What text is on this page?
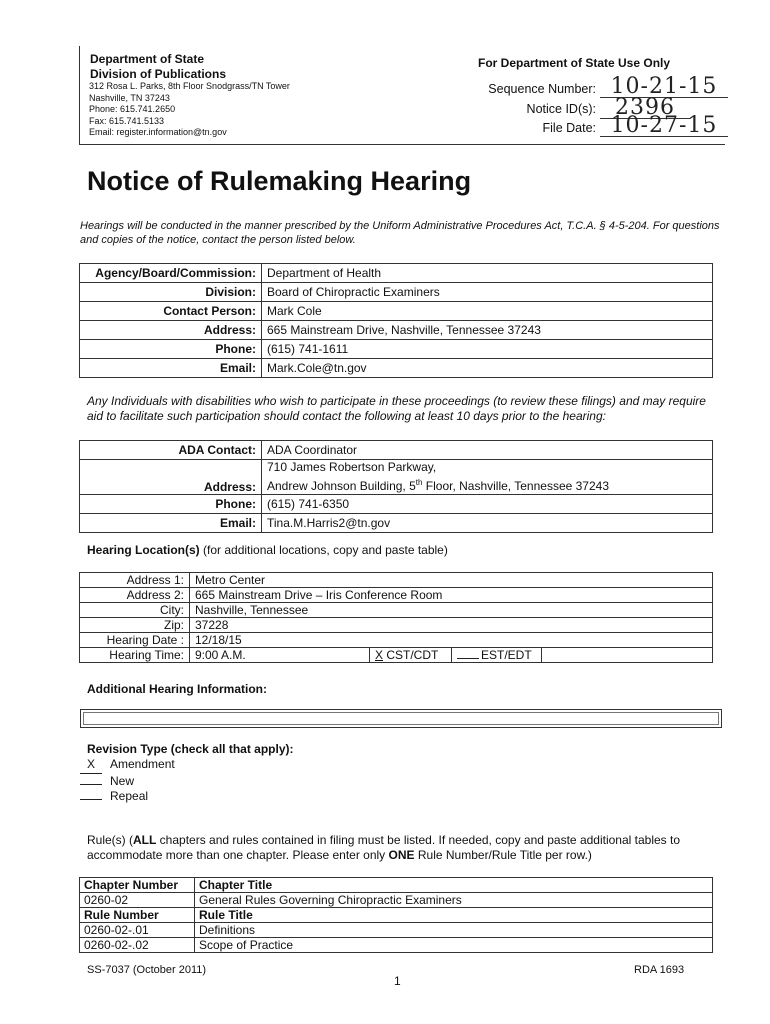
Department of State
Division of Publications
312 Rosa L. Parks, 8th Floor Snodgrass/TN Tower
Nashville, TN 37243
Phone: 615.741.2650
Fax: 615.741.5133
Email: register.information@tn.gov
For Department of State Use Only
Sequence Number: 10-21-15
Notice ID(s): 2396
File Date: 10-27-15
Notice of Rulemaking Hearing
Hearings will be conducted in the manner prescribed by the Uniform Administrative Procedures Act, T.C.A. § 4-5-204. For questions and copies of the notice, contact the person listed below.
Agency/Board/Commission:	Department of Health
Division:	Board of Chiropractic Examiners
Contact Person:	Mark Cole
Address:	665 Mainstream Drive, Nashville, Tennessee 37243
Phone:	(615) 741-1611
Email:	Mark.Cole@tn.gov
Any Individuals with disabilities who wish to participate in these proceedings (to review these filings) and may require aid to facilitate such participation should contact the following at least 10 days prior to the hearing:
ADA Contact:	ADA Coordinator
Address:	710 James Robertson Parkway,
Andrew Johnson Building, 5th Floor, Nashville, Tennessee 37243

Phone:	(615) 741-6350
Email:	Tina.M.Harris2@tn.gov
Hearing Location(s) (for additional locations, copy and paste table)
Address 1:	Metro Center			
Address 2:	665 Mainstream Drive – Iris Conference Room			
City:	Nashville, Tennessee			
Zip:	37228			
Hearing Date :	12/18/15			
Hearing Time:	9:00 A.M.	X CST/CDT	EST/EDT	
Additional Hearing Information:
Revision Type (check all that apply):
X Amendment
New
Repeal
Rule(s) (ALL chapters and rules contained in filing must be listed. If needed, copy and paste additional tables to accommodate more than one chapter. Please enter only ONE Rule Number/Rule Title per row.)
Chapter Number	Chapter Title
0260-02	General Rules Governing Chiropractic Examiners
Rule Number	Rule Title
0260-02-.01	Definitions
0260-02-.02	Scope of Practice
SS-7037 (October 2011)
1
RDA 1693
